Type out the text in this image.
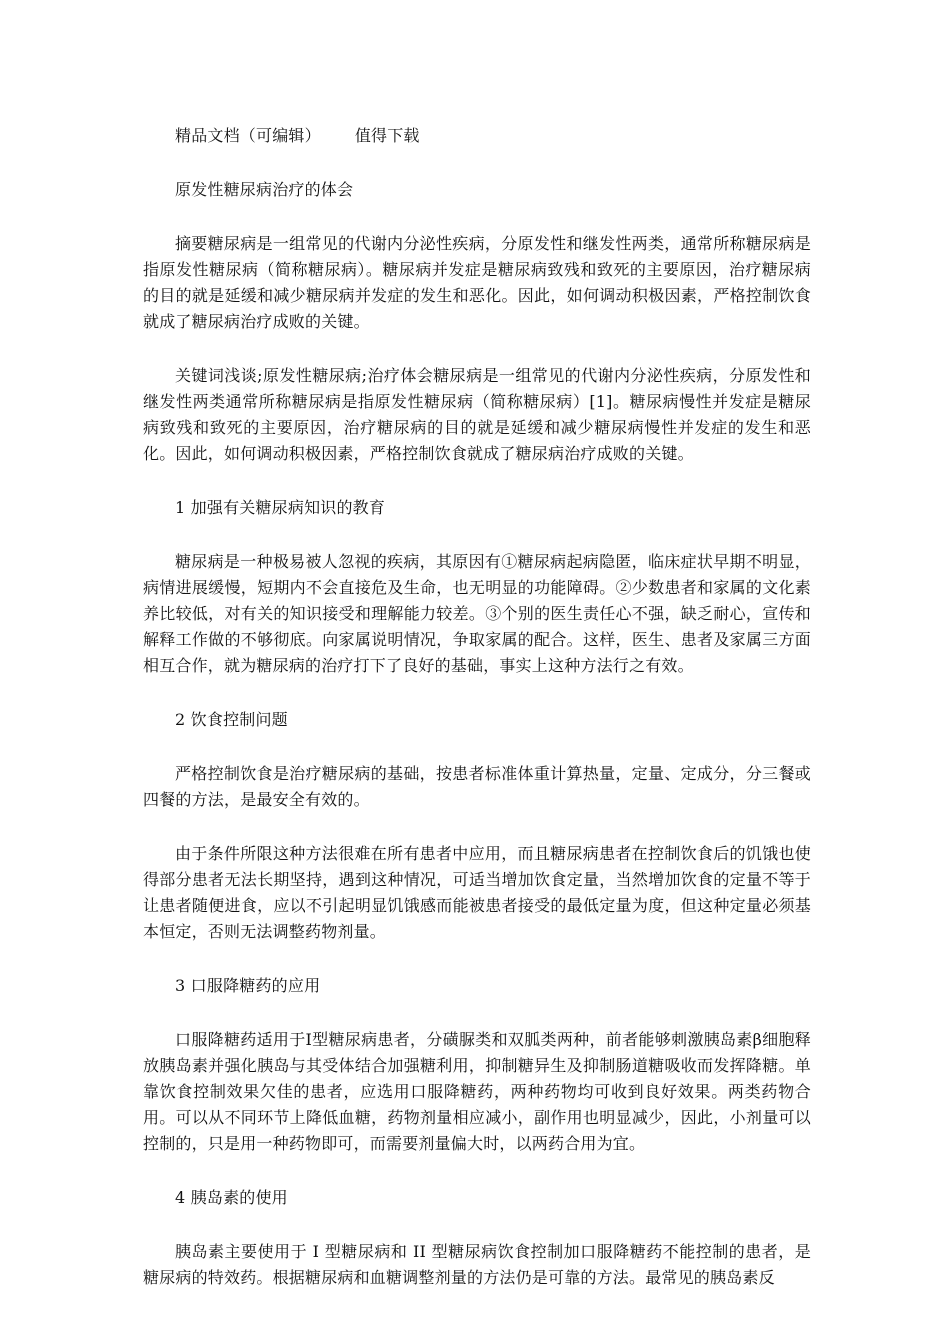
精品文档（可编辑） 值得下载
原发性糖尿病治疗的体会

摘要糖尿病是一组常见的代谢内分泌性疾病，分原发性和继发性两类，通常所称糖尿病是指原发性糖尿病（简称糖尿病）。糖尿病并发症是糖尿病致残和致死的主要原因，治疗糖尿病的目的就是延缓和减少糖尿病并发症的发生和恶化。因此，如何调动积极因素，严格控制饮食就成了糖尿病治疗成败的关键。

关键词浅谈;原发性糖尿病;治疗体会糖尿病是一组常见的代谢内分泌性疾病，分原发性和继发性两类通常所称糖尿病是指原发性糖尿病（简称糖尿病）[1]。糖尿病慢性并发症是糖尿病致残和致死的主要原因，治疗糖尿病的目的就是延缓和减少糖尿病慢性并发症的发生和恶化。因此，如何调动积极因素，严格控制饮食就成了糖尿病治疗成败的关键。

1 加强有关糖尿病知识的教育

糖尿病是一种极易被人忽视的疾病，其原因有①糖尿病起病隐匿，临床症状早期不明显，病情进展缓慢，短期内不会直接危及生命，也无明显的功能障碍。②少数患者和家属的文化素养比较低，对有关的知识接受和理解能力较差。③个别的医生责任心不强，缺乏耐心，宣传和解释工作做的不够彻底。向家属说明情况，争取家属的配合。这样，医生、患者及家属三方面相互合作，就为糖尿病的治疗打下了良好的基础，事实上这种方法行之有效。

2 饮食控制问题

严格控制饮食是治疗糖尿病的基础，按患者标准体重计算热量，定量、定成分，分三餐或四餐的方法，是最安全有效的。

由于条件所限这种方法很难在所有患者中应用，而且糖尿病患者在控制饮食后的饥饿也使得部分患者无法长期坚持，遇到这种情况，可适当增加饮食定量，当然增加饮食的定量不等于让患者随便进食，应以不引起明显饥饿感而能被患者接受的最低定量为度，但这种定量必须基本恒定，否则无法调整药物剂量。

3 口服降糖药的应用

口服降糖药适用于Ⅰ型糖尿病患者，分磺脲类和双胍类两种，前者能够刺激胰岛素β细胞释放胰岛素并强化胰岛与其受体结合加强糖利用，抑制糖异生及抑制肠道糖吸收而发挥降糖。单靠饮食控制效果欠佳的患者，应选用口服降糖药，两种药物均可收到良好效果。两类药物合用。可以从不同环节上降低血糖，药物剂量相应减小，副作用也明显减少，因此，小剂量可以控制的，只是用一种药物即可，而需要剂量偏大时，以两药合用为宜。

4 胰岛素的使用

胰岛素主要使用于 I 型糖尿病和 II 型糖尿病饮食控制加口服降糖药不能控制的患者，是糖尿病的特效药。根据糖尿病和血糖调整剂量的方法仍是可靠的方法。最常见的胰岛素反
